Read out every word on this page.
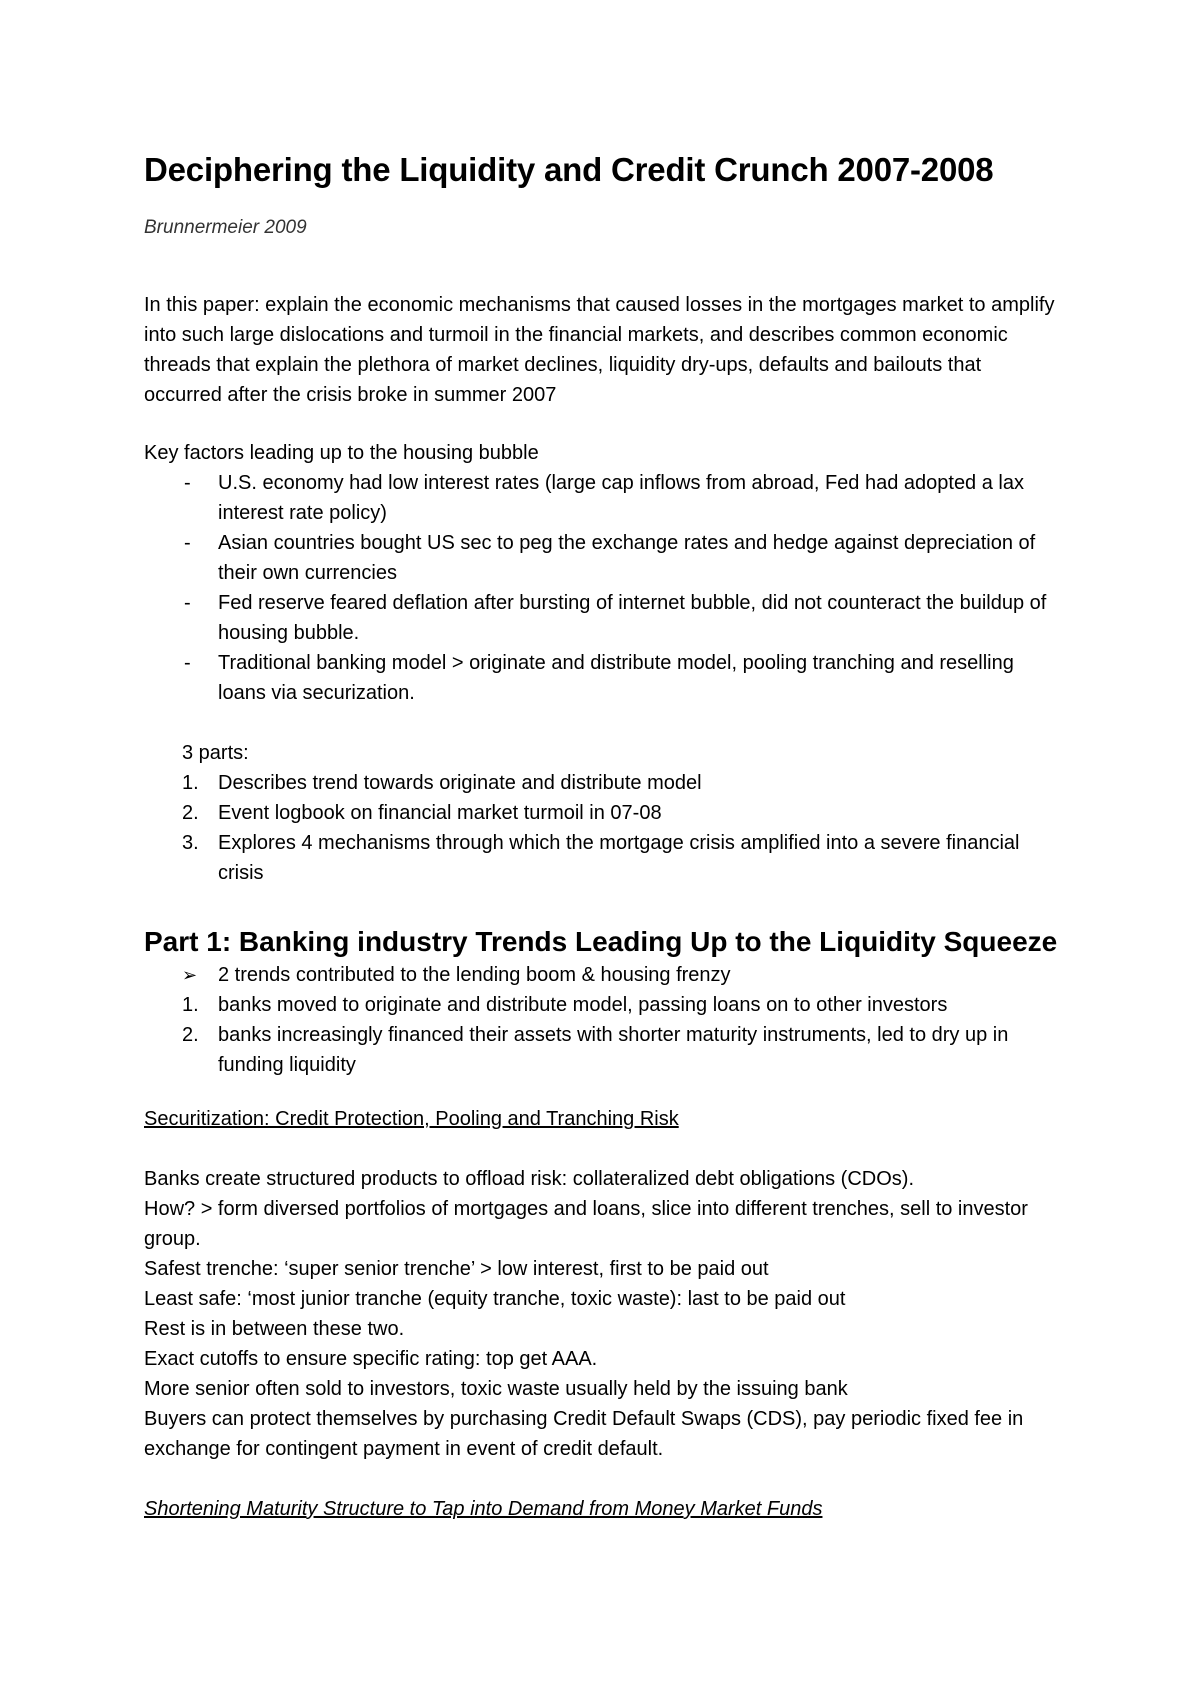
Deciphering the Liquidity and Credit Crunch 2007-2008
Brunnermeier 2009

In this paper: explain the economic mechanisms that caused losses in the mortgages market to amplify into such large dislocations and turmoil in the financial markets, and describes common economic threads that explain the plethora of market declines, liquidity dry-ups, defaults and bailouts that occurred after the crisis broke in summer 2007

Key factors leading up to the housing bubble

- U.S. economy had low interest rates (large cap inflows from abroad, Fed had adopted a lax interest rate policy)
- Asian countries bought US sec to peg the exchange rates and hedge against depreciation of their own currencies
- Fed reserve feared deflation after bursting of internet bubble, did not counteract the buildup of housing bubble.
- Traditional banking model > originate and distribute model, pooling tranching and reselling loans via securization.

3 parts:

1. Describes trend towards originate and distribute model
2. Event logbook on financial market turmoil in 07-08
3. Explores 4 mechanisms through which the mortgage crisis amplified into a severe financial crisis
Part 1: Banking industry Trends Leading Up to the Liquidity Squeeze
➢ 2 trends contributed to the lending boom & housing frenzy
1. banks moved to originate and distribute model, passing loans on to other investors
2. banks increasingly financed their assets with shorter maturity instruments, led to dry up in funding liquidity
Securitization: Credit Protection, Pooling and Tranching Risk

Banks create structured products to offload risk: collateralized debt obligations (CDOs).

How? > form diversed portfolios of mortgages and loans, slice into different trenches, sell to investor group.

Safest trenche: ‘super senior trenche’ > low interest, first to be paid out

Least safe: ‘most junior tranche (equity tranche, toxic waste): last to be paid out

Rest is in between these two.

Exact cutoffs to ensure specific rating: top get AAA.

More senior often sold to investors, toxic waste usually held by the issuing bank

Buyers can protect themselves by purchasing Credit Default Swaps (CDS), pay periodic fixed fee in exchange for contingent payment in event of credit default.

Shortening Maturity Structure to Tap into Demand from Money Market Funds
